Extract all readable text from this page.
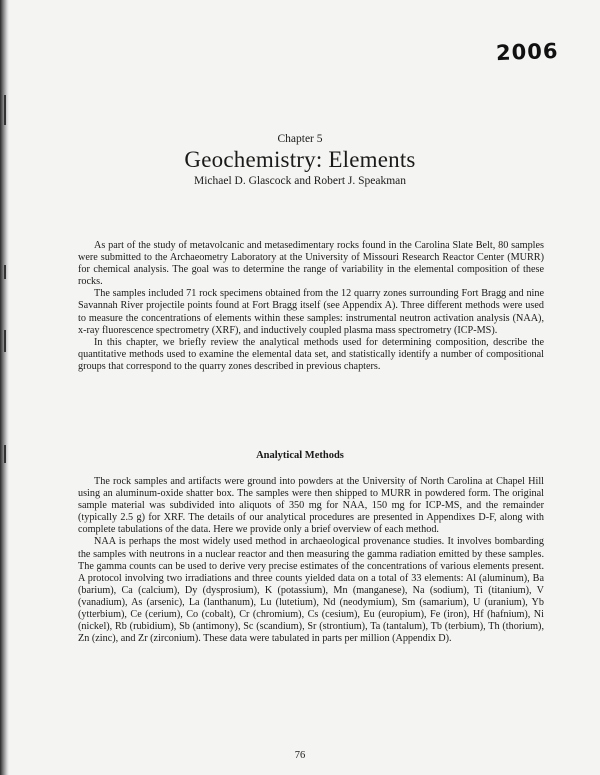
2006
Chapter 5
Geochemistry: Elements
Michael D. Glascock and Robert J. Speakman

As part of the study of metavolcanic and metasedimentary rocks found in the Carolina Slate Belt, 80 samples were submitted to the Archaeometry Laboratory at the University of Missouri Research Reactor Center (MURR) for chemical analysis. The goal was to determine the range of variability in the elemental composition of these rocks.

The samples included 71 rock specimens obtained from the 12 quarry zones surrounding Fort Bragg and nine Savannah River projectile points found at Fort Bragg itself (see Appendix A). Three different methods were used to measure the concentrations of elements within these samples: instrumental neutron activation analysis (NAA), x-ray fluorescence spectrometry (XRF), and inductively coupled plasma mass spectrometry (ICP-MS).

In this chapter, we briefly review the analytical methods used for determining composition, describe the quantitative methods used to examine the elemental data set, and statistically identify a number of compositional groups that correspond to the quarry zones described in previous chapters.

Analytical Methods

The rock samples and artifacts were ground into powders at the University of North Carolina at Chapel Hill using an aluminum-oxide shatter box. The samples were then shipped to MURR in powdered form. The original sample material was subdivided into aliquots of 350 mg for NAA, 150 mg for ICP-MS, and the remainder (typically 2.5 g) for XRF. The details of our analytical procedures are presented in Appendixes D-F, along with complete tabulations of the data. Here we provide only a brief overview of each method.

NAA is perhaps the most widely used method in archaeological provenance studies. It involves bombarding the samples with neutrons in a nuclear reactor and then measuring the gamma radiation emitted by these samples. The gamma counts can be used to derive very precise estimates of the concentrations of various elements present. A protocol involving two irradiations and three counts yielded data on a total of 33 elements: Al (aluminum), Ba (barium), Ca (calcium), Dy (dysprosium), K (potassium), Mn (manganese), Na (sodium), Ti (titanium), V (vanadium), As (arsenic), La (lanthanum), Lu (lutetium), Nd (neodymium), Sm (samarium), U (uranium), Yb (ytterbium), Ce (cerium), Co (cobalt), Cr (chromium), Cs (cesium), Eu (europium), Fe (iron), Hf (hafnium), Ni (nickel), Rb (rubidium), Sb (antimony), Sc (scandium), Sr (strontium), Ta (tantalum), Tb (terbium), Th (thorium), Zn (zinc), and Zr (zirconium). These data were tabulated in parts per million (Appendix D).

76
